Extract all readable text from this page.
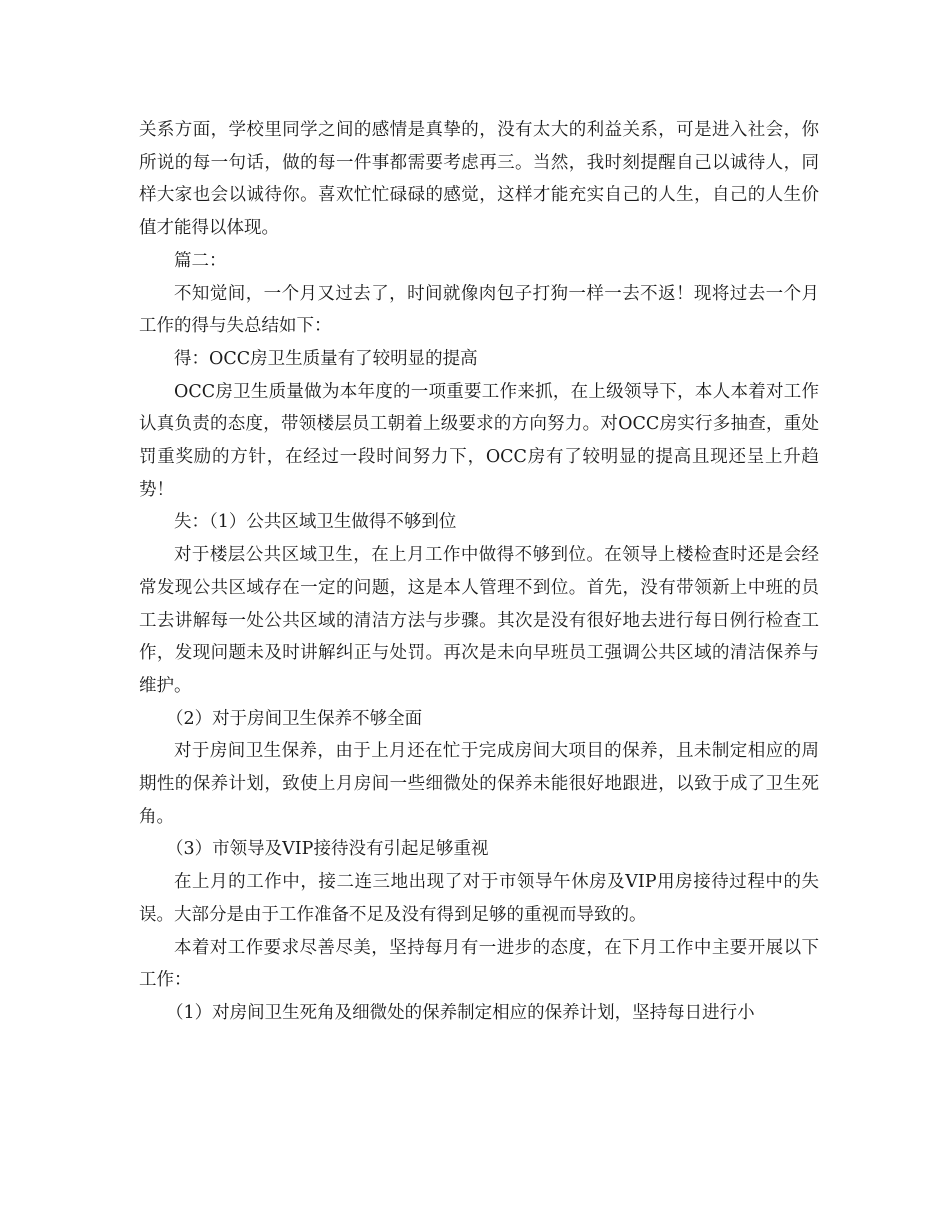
关系方面，学校里同学之间的感情是真挚的，没有太大的利益关系，可是进入社会，你所说的每一句话，做的每一件事都需要考虑再三。当然，我时刻提醒自己以诚待人，同样大家也会以诚待你。喜欢忙忙碌碌的感觉，这样才能充实自己的人生，自己的人生价值才能得以体现。

篇二：

不知觉间，一个月又过去了，时间就像肉包子打狗一样一去不返！现将过去一个月工作的得与失总结如下：

得：OCC房卫生质量有了较明显的提高

OCC房卫生质量做为本年度的一项重要工作来抓，在上级领导下，本人本着对工作认真负责的态度，带领楼层员工朝着上级要求的方向努力。对OCC房实行多抽查，重处罚重奖励的方针，在经过一段时间努力下，OCC房有了较明显的提高且现还呈上升趋势！

失：（1）公共区域卫生做得不够到位

对于楼层公共区域卫生，在上月工作中做得不够到位。在领导上楼检查时还是会经常发现公共区域存在一定的问题，这是本人管理不到位。首先，没有带领新上中班的员工去讲解每一处公共区域的清洁方法与步骤。其次是没有很好地去进行每日例行检查工作，发现问题未及时讲解纠正与处罚。再次是未向早班员工强调公共区域的清洁保养与维护。

（2）对于房间卫生保养不够全面

对于房间卫生保养，由于上月还在忙于完成房间大项目的保养，且未制定相应的周期性的保养计划，致使上月房间一些细微处的保养未能很好地跟进，以致于成了卫生死角。

（3）市领导及VIP接待没有引起足够重视

在上月的工作中，接二连三地出现了对于市领导午休房及VIP用房接待过程中的失误。大部分是由于工作准备不足及没有得到足够的重视而导致的。

本着对工作要求尽善尽美，坚持每月有一进步的态度，在下月工作中主要开展以下工作：

（1）对房间卫生死角及细微处的保养制定相应的保养计划，坚持每日进行小
